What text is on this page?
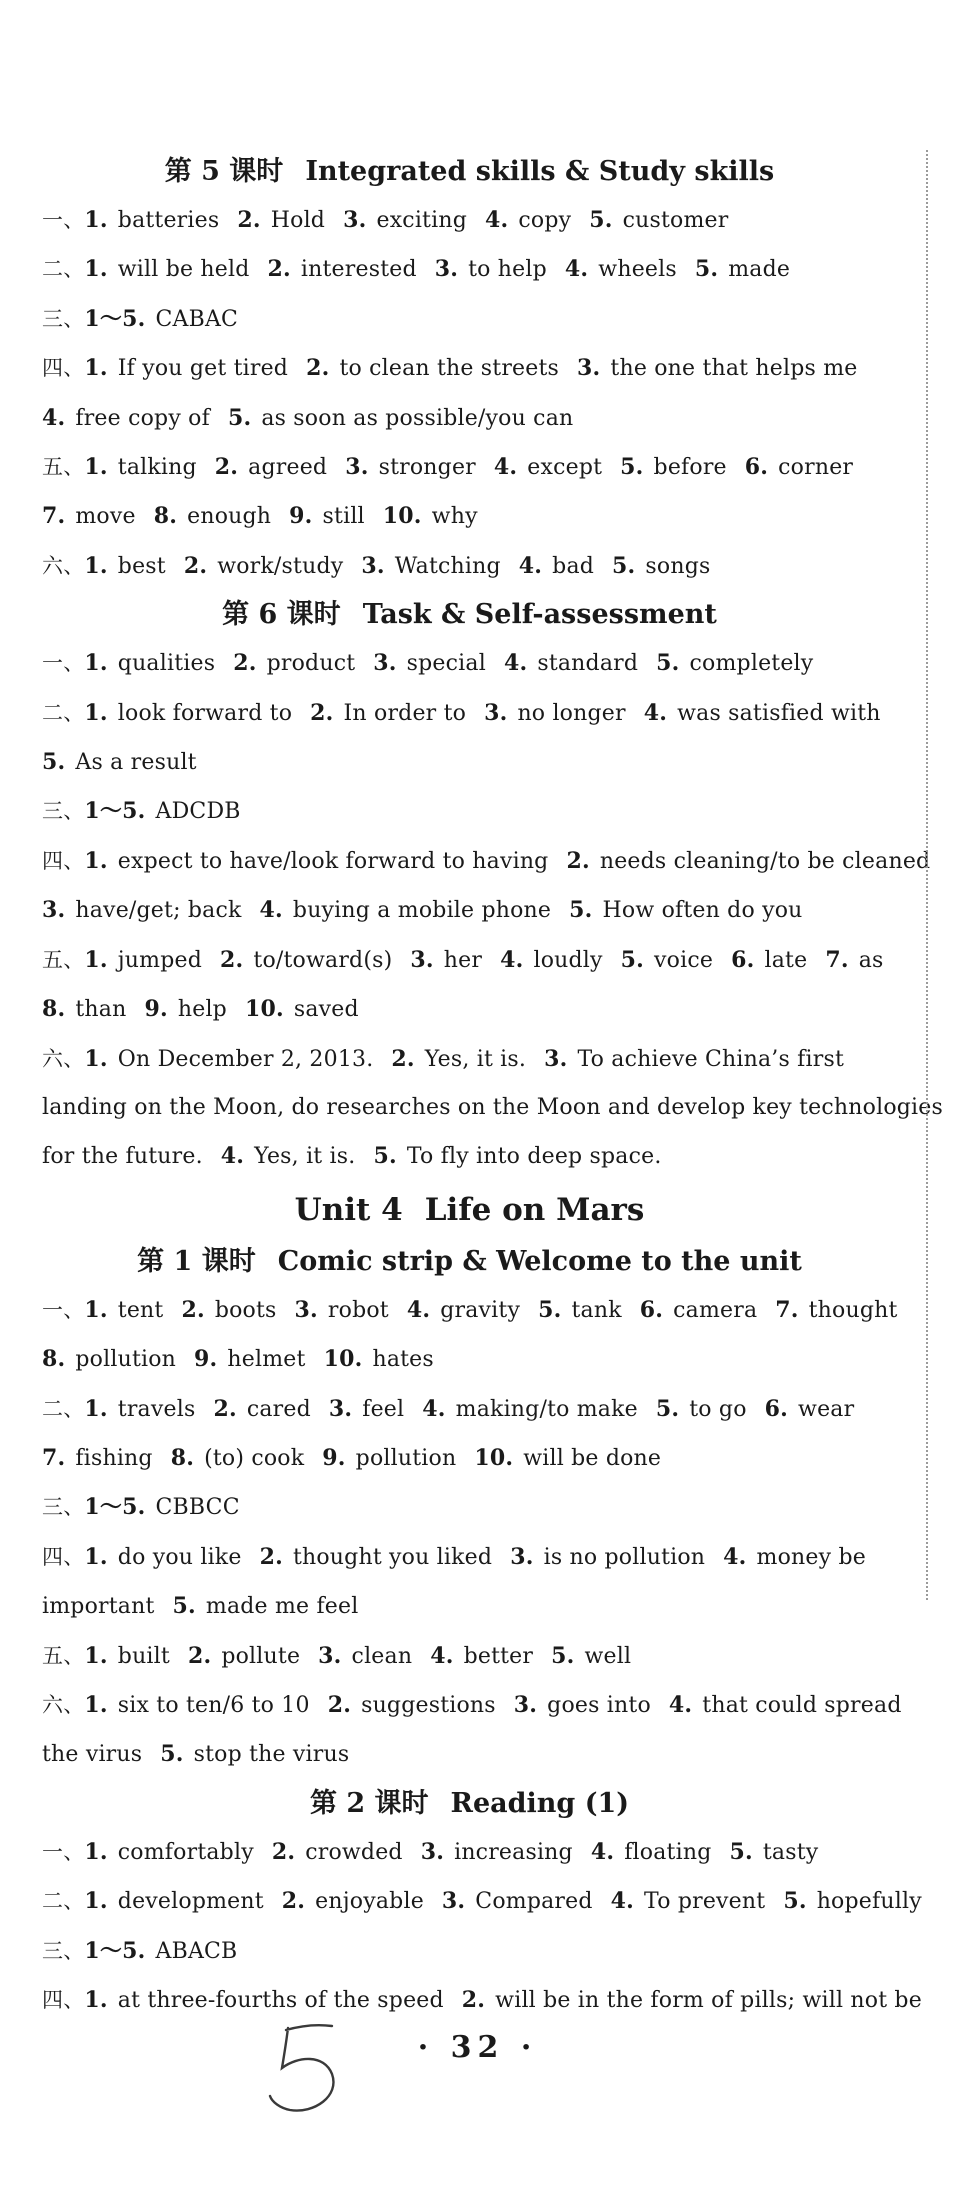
第 5 课时 Integrated skills & Study skills
一、1. batteries 2. Hold 3. exciting 4. copy 5. customer
二、1. will be held 2. interested 3. to help 4. wheels 5. made
三、1～5. CABAC
四、1. If you get tired 2. to clean the streets 3. the one that helps me
4. free copy of 5. as soon as possible/you can
五、1. talking 2. agreed 3. stronger 4. except 5. before 6. corner
7. move 8. enough 9. still 10. why
六、1. best 2. work/study 3. Watching 4. bad 5. songs
第 6 课时 Task & Self-assessment
一、1. qualities 2. product 3. special 4. standard 5. completely
二、1. look forward to 2. In order to 3. no longer 4. was satisfied with
5. As a result
三、1～5. ADCDB
四、1. expect to have/look forward to having 2. needs cleaning/to be cleaned
3. have/get; back 4. buying a mobile phone 5. How often do you
五、1. jumped 2. to/toward(s) 3. her 4. loudly 5. voice 6. late 7. as
8. than 9. help 10. saved
六、1. On December 2, 2013. 2. Yes, it is. 3. To achieve China’s first
landing on the Moon, do researches on the Moon and develop key technologies
for the future. 4. Yes, it is. 5. To fly into deep space.
Unit 4 Life on Mars
第 1 课时 Comic strip & Welcome to the unit
一、1. tent 2. boots 3. robot 4. gravity 5. tank 6. camera 7. thought
8. pollution 9. helmet 10. hates
二、1. travels 2. cared 3. feel 4. making/to make 5. to go 6. wear
7. fishing 8. (to) cook 9. pollution 10. will be done
三、1～5. CBBCC
四、1. do you like 2. thought you liked 3. is no pollution 4. money be
important 5. made me feel
五、1. built 2. pollute 3. clean 4. better 5. well
六、1. six to ten/6 to 10 2. suggestions 3. goes into 4. that could spread
the virus 5. stop the virus
第 2 课时 Reading (1)
一、1. comfortably 2. crowded 3. increasing 4. floating 5. tasty
二、1. development 2. enjoyable 3. Compared 4. To prevent 5. hopefully
三、1～5. ABACB
四、1. at three-fourths of the speed 2. will be in the form of pills; will not be
· 32 ·
